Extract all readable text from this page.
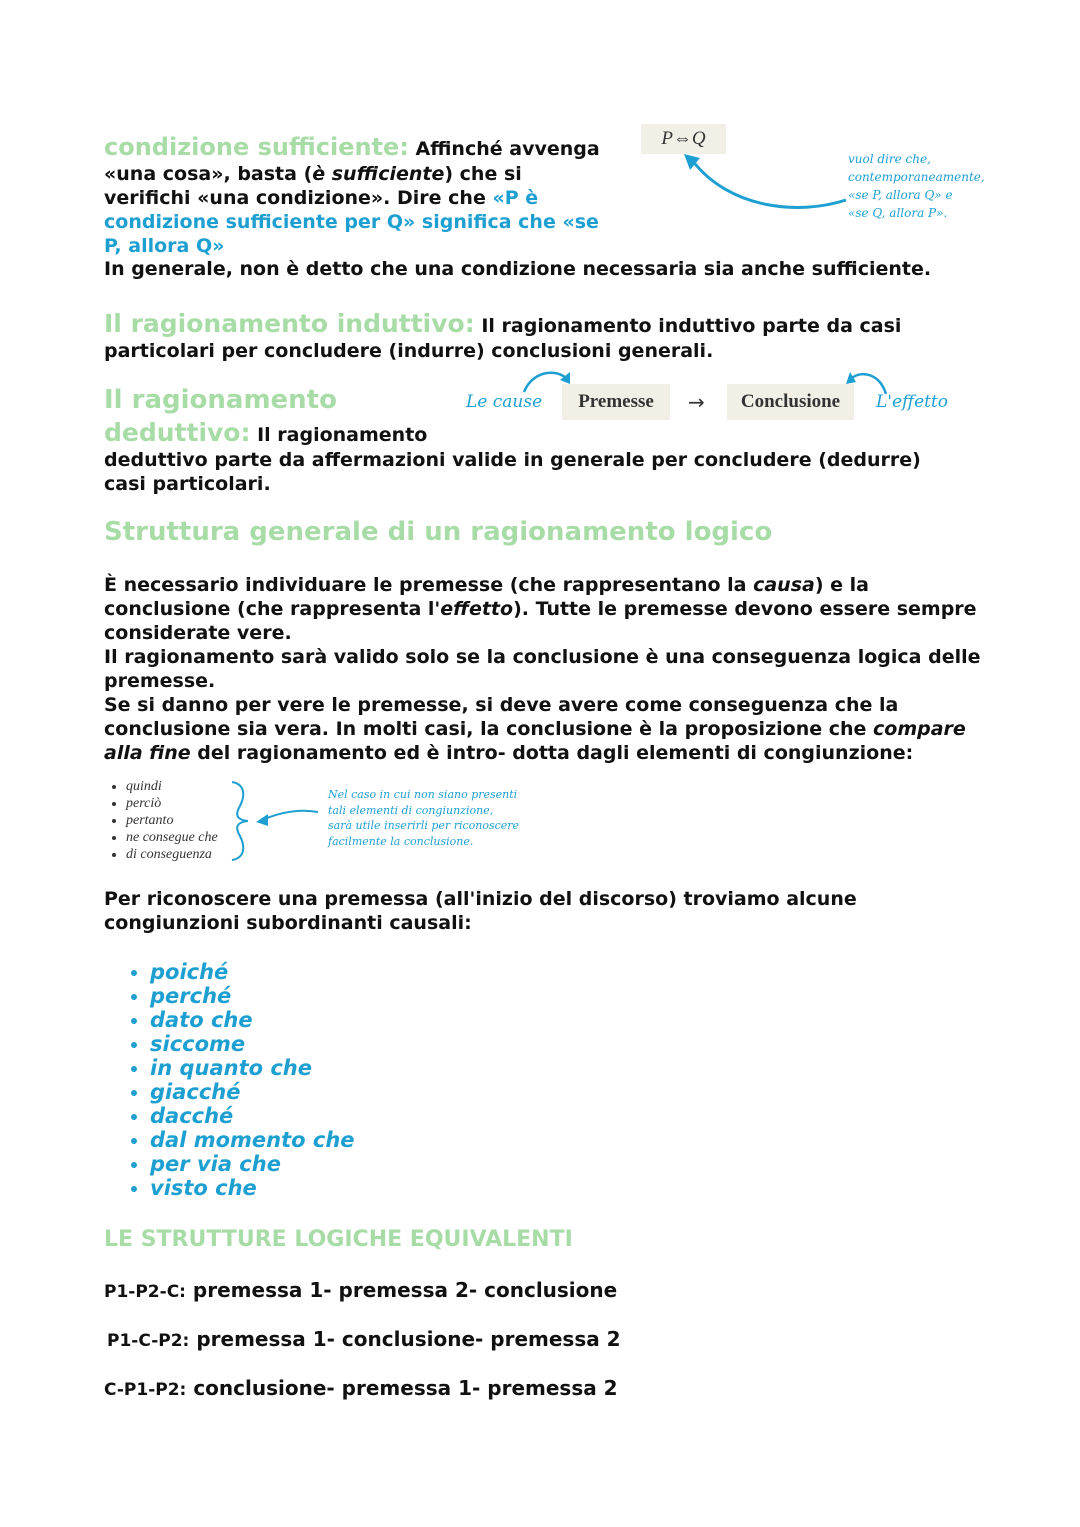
condizione sufficiente: Affinché avvenga «una cosa», basta (è sufficiente) che si verifichi «una condizione». Dire che «P è condizione sufficiente per Q» significa che «se P, allora Q»
P⇔Q
vuol dire che,
contemporaneamente,
«se P, allora Q» e
«se Q, allora P».
In generale, non è detto che una condizione necessaria sia anche sufficiente.
Il ragionamento induttivo: Il ragionamento induttivo parte da casi particolari per concludere (indurre) conclusioni generali.
Il ragionamento
deduttivo: Il ragionamento
deduttivo parte da affermazioni valide in generale per concludere (dedurre) casi particolari.
Le cause Premesse → Conclusione L'effetto
Struttura generale di un ragionamento logico
È necessario individuare le premesse (che rappresentano la causa) e la conclusione (che rappresenta l'effetto). Tutte le premesse devono essere sempre considerate vere.
Il ragionamento sarà valido solo se la conclusione è una conseguenza logica delle premesse.
Se si danno per vere le premesse, si deve avere come conseguenza che la conclusione sia vera. In molti casi, la conclusione è la proposizione che compare alla fine del ragionamento ed è intro- dotta dagli elementi di congiunzione:
• quindi
• perciò
• pertanto
• ne consegue che
• di conseguenza
Nel caso in cui non siano presenti
tali elementi di congiunzione,
sarà utile inserirli per riconoscere
facilmente la conclusione.
Per riconoscere una premessa (all'inizio del discorso) troviamo alcune congiunzioni subordinanti causali:
• poiché
• perché
• dato che
• siccome
• in quanto che
• giacché
• dacché
• dal momento che
• per via che
• visto che
LE STRUTTURE LOGICHE EQUIVALENTI
P1-P2-C: premessa 1- premessa 2- conclusione
P1-C-P2: premessa 1- conclusione- premessa 2
C-P1-P2: conclusione- premessa 1- premessa 2
